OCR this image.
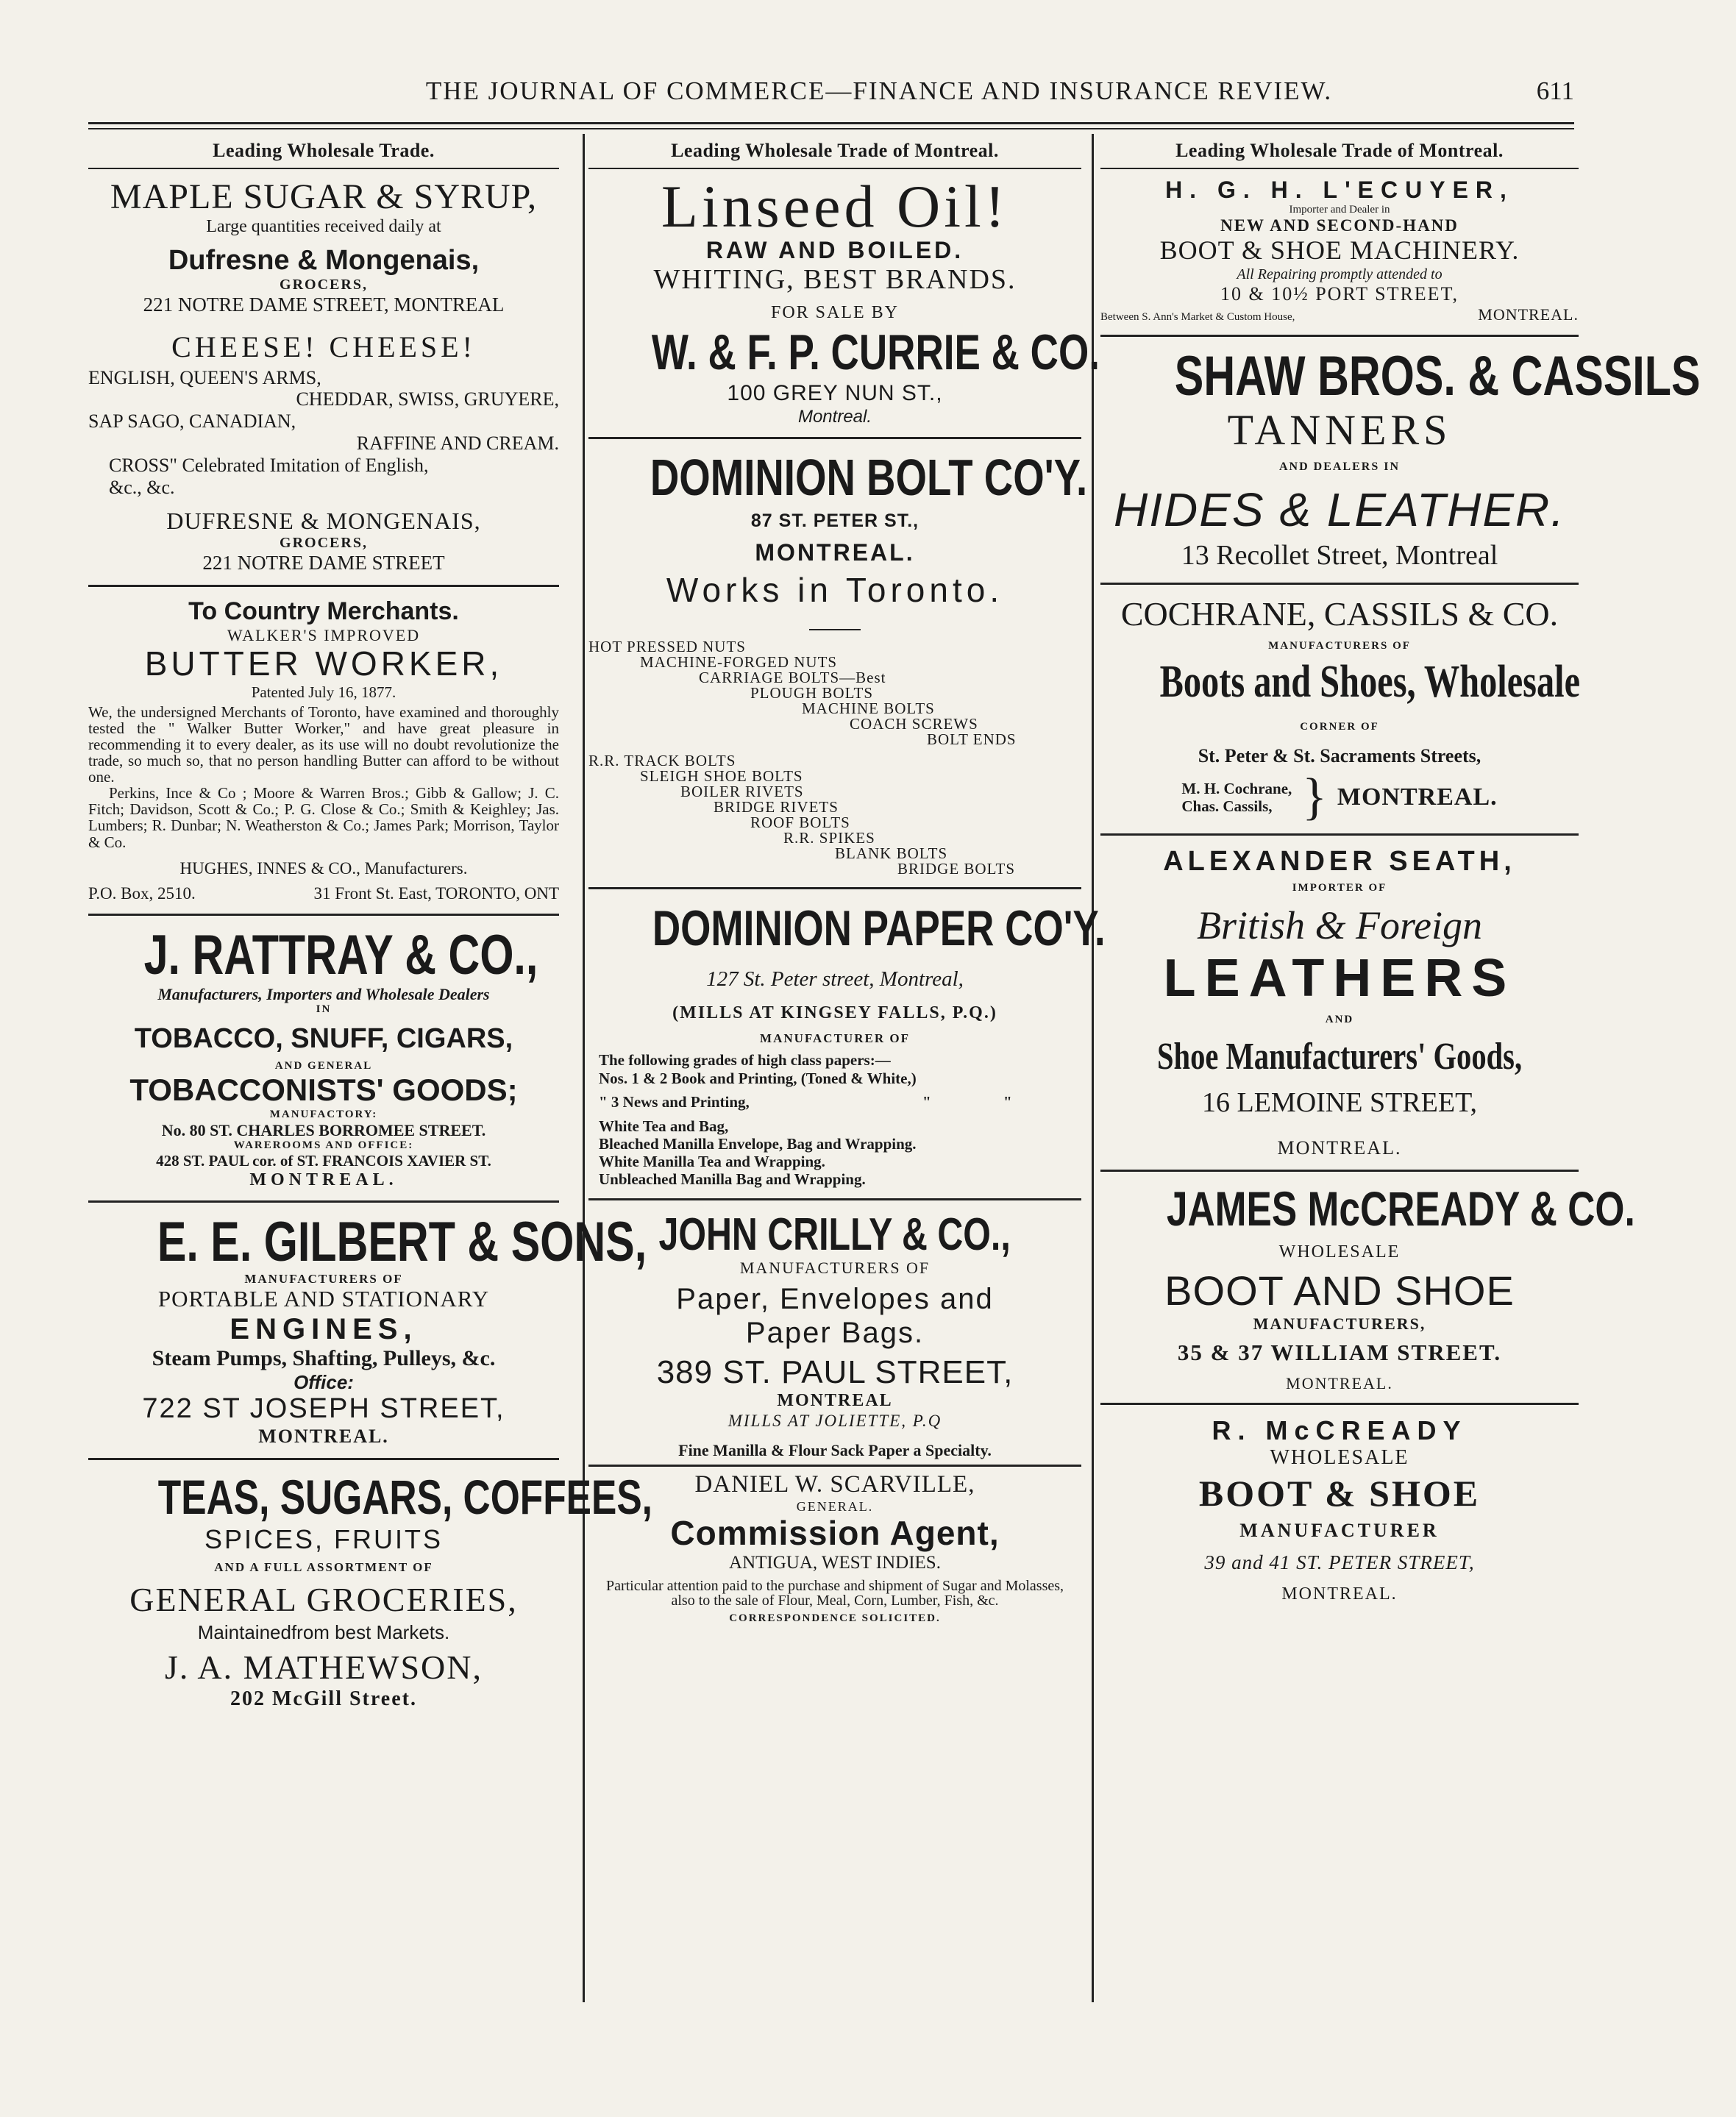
THE JOURNAL OF COMMERCE—FINANCE AND INSURANCE REVIEW.	611
Leading Wholesale Trade.
MAPLE SUGAR & SYRUP,
Large quantities received daily at
Dufresne & Mongenais,
GROCERS,
221 NOTRE DAME STREET, MONTREAL
CHEESE! CHEESE!
ENGLISH, QUEEN'S ARMS,
CHEDDAR, SWISS, GRUYERE,
SAP SAGO, CANADIAN,
RAFFINE AND CREAM.
CROSS" Celebrated Imitation of English,
&c., &c.
DUFRESNE & MONGENAIS,
GROCERS,
221 NOTRE DAME STREET
To Country Merchants.
WALKER'S IMPROVED
BUTTER WORKER,
Patented July 16, 1877.
We, the undersigned Merchants of Toronto, have examined and thoroughly tested the " Walker Butter Worker," and have great pleasure in recommending it to every dealer, as its use will no doubt revolutionize the trade, so much so, that no person handling Butter can afford to be without one.
Perkins, Ince & Co ; Moore & Warren Bros.; Gibb & Gallow; J. C. Fitch; Davidson, Scott & Co.; P. G. Close & Co.; Smith & Keighley; Jas. Lumbers; R. Dunbar; N. Weatherston & Co.; James Park; Morrison, Taylor & Co.
HUGHES, INNES & CO., Manufacturers.
P.O. Box, 2510.	31 Front St. East, TORONTO, ONT
J. RATTRAY & CO.,
Manufacturers, Importers and Wholesale Dealers
IN
TOBACCO, SNUFF, CIGARS,
AND GENERAL
TOBACCONISTS' GOODS;
MANUFACTORY:
No. 80 ST. CHARLES BORROMEE STREET.
WAREROOMS AND OFFICE:
428 ST. PAUL cor. of ST. FRANCOIS XAVIER ST.
MONTREAL.
E. E. GILBERT & SONS,
MANUFACTURERS OF
PORTABLE AND STATIONARY
ENGINES,
Steam Pumps, Shafting, Pulleys, &c.
Office:
722 ST JOSEPH STREET,
MONTREAL.
TEAS, SUGARS, COFFEES,
SPICES, FRUITS
AND A FULL ASSORTMENT OF
GENERAL GROCERIES,
Maintainedfrom best Markets.
J. A. MATHEWSON,
202 McGill Street.
Leading Wholesale Trade of Montreal.
Linseed Oil!
RAW AND BOILED.
WHITING, BEST BRANDS.
FOR SALE BY
W. & F. P. CURRIE & CO.
100 GREY NUN ST.,
Montreal.
DOMINION BOLT CO'Y.
87 ST. PETER ST.,
MONTREAL.
Works in Toronto.
HOT PRESSED NUTS
MACHINE-FORGED NUTS
CARRIAGE BOLTS—Best
PLOUGH BOLTS
MACHINE BOLTS
COACH SCREWS
BOLT ENDS
R.R. TRACK BOLTS
SLEIGH SHOE BOLTS
BOILER RIVETS
BRIDGE RIVETS
ROOF BOLTS
R.R. SPIKES
BLANK BOLTS
BRIDGE BOLTS
DOMINION PAPER CO'Y.
127 St. Peter street, Montreal,
(MILLS AT KINGSEY FALLS, P.Q.)
MANUFACTURER OF
The following grades of high class papers:—
Nos. 1 & 2 Book and Printing, (Toned & White,)
" 3 News and Printing,	"	"
White Tea and Bag,
Bleached Manilla Envelope, Bag and Wrapping.
White Manilla Tea and Wrapping.
Unbleached Manilla Bag and Wrapping.
JOHN CRILLY & CO.,
MANUFACTURERS OF
Paper, Envelopes and
Paper Bags.
389 ST. PAUL STREET,
MONTREAL
MILLS AT JOLIETTE, P.Q
Fine Manilla & Flour Sack Paper a Specialty.
DANIEL W. SCARVILLE,
GENERAL.
Commission Agent,
ANTIGUA, WEST INDIES.
Particular attention paid to the purchase and shipment of Sugar and Molasses, also to the sale of Flour, Meal, Corn, Lumber, Fish, &c.
CORRESPONDENCE SOLICITED.
Leading Wholesale Trade of Montreal.
H. G. H. L'ECUYER,
Importer and Dealer in
NEW AND SECOND-HAND
BOOT & SHOE MACHINERY.
All Repairing promptly attended to
10 & 10½ PORT STREET,
Between S. Ann's Market & Custom House,	MONTREAL.
SHAW BROS. & CASSILS
TANNERS
AND DEALERS IN
HIDES & LEATHER.
13 Recollet Street, Montreal
COCHRANE, CASSILS & CO.
MANUFACTURERS OF
Boots and Shoes, Wholesale
CORNER OF
St. Peter & St. Sacraments Streets,
M. H. Cochrane,
Chas. Cassils, } MONTREAL.
ALEXANDER SEATH,
IMPORTER OF
British & Foreign
LEATHERS
AND
Shoe Manufacturers' Goods,
16 LEMOINE STREET,
MONTREAL.
JAMES McCREADY & CO.
WHOLESALE
BOOT AND SHOE
MANUFACTURERS,
35 & 37 WILLIAM STREET.
MONTREAL.
R. McCREADY
WHOLESALE
BOOT & SHOE
MANUFACTURER
39 and 41 ST. PETER STREET,
MONTREAL.
